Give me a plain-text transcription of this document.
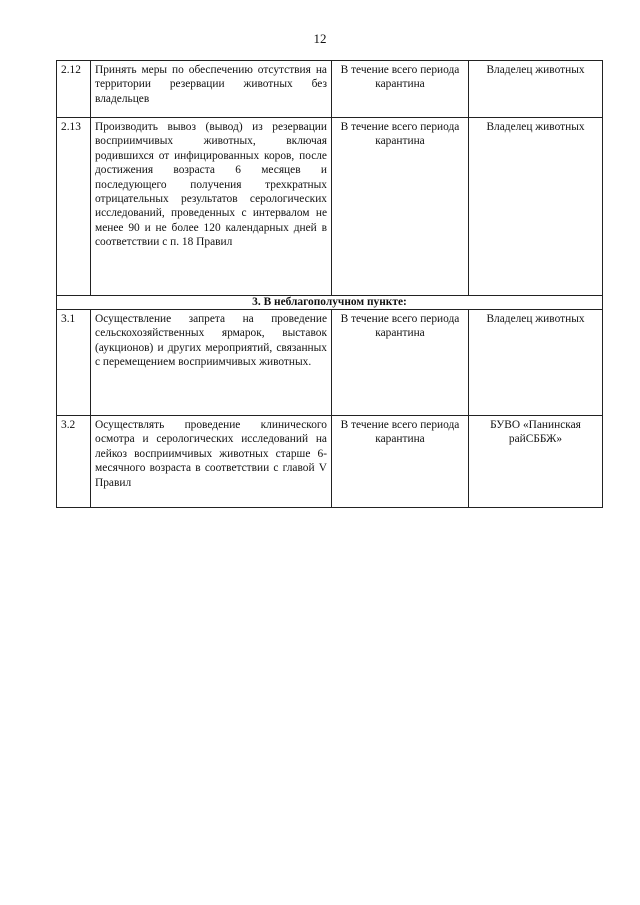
12
2.12	Принять меры по обеспечению отсутствия на территории резервации животных без владельцев	В течение всего периода карантина	Владелец животных
2.13	Производить вывоз (вывод) из резервации восприимчивых животных, включая родившихся от инфицированных коров, после достижения возраста 6 месяцев и последующего получения трехкратных отрицательных результатов серологических исследований, проведенных с интервалом не менее 90 и не более 120 календарных дней в соответствии с п. 18 Правил	В течение всего периода карантина	Владелец животных
3. В неблагополучном пункте:			
3.1	Осуществление запрета на проведение сельскохозяйственных ярмарок, выставок (аукционов) и других мероприятий, связанных с перемещением восприимчивых животных.	В течение всего периода карантина	Владелец животных
3.2	Осуществлять проведение клинического осмотра и серологических исследований на лейкоз восприимчивых животных старше 6-месячного возраста в соответствии с главой V Правил	В течение всего периода карантина	БУВО «Панинская райСББЖ»
